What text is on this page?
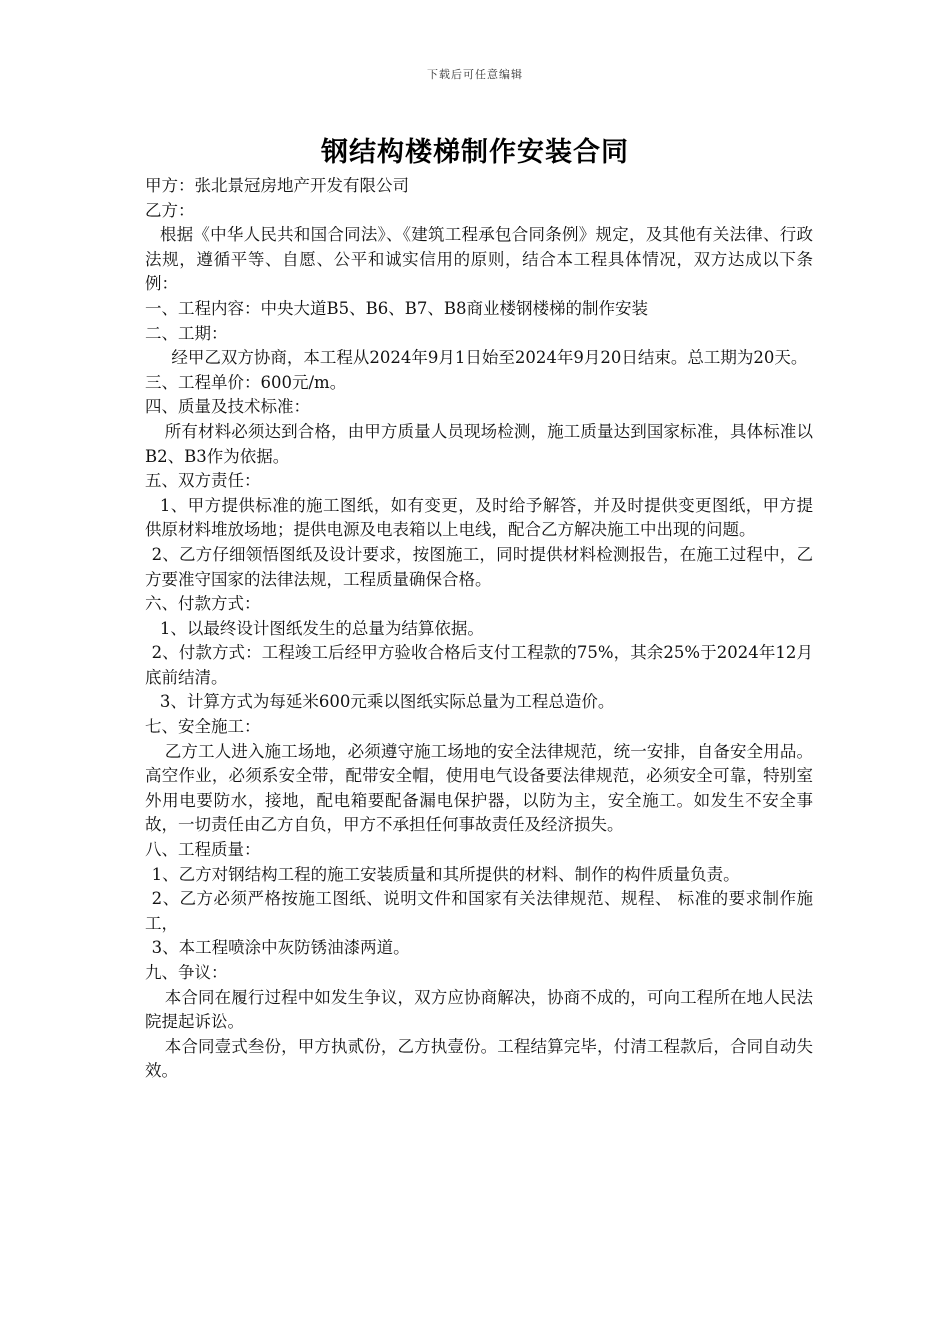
下载后可任意编辑
钢结构楼梯制作安装合同

甲方：张北景冠房地产开发有限公司

乙方：

根据《中华人民共和国合同法》、《建筑工程承包合同条例》规定，及其他有关法律、行政法规，遵循平等、自愿、公平和诚实信用的原则，结合本工程具体情况，双方达成以下条例：

一、工程内容：中央大道B5、B6、B7、B8商业楼钢楼梯的制作安装

二、工期：

经甲乙双方协商，本工程从2024年9月1日始至2024年9月20日结束。总工期为20天。

三、工程单价：600元/m。

四、质量及技术标准：

所有材料必须达到合格，由甲方质量人员现场检测，施工质量达到国家标准，具体标准以B2、B3作为依据。

五、双方责任：

1、甲方提供标准的施工图纸，如有变更，及时给予解答，并及时提供变更图纸，甲方提供原材料堆放场地；提供电源及电表箱以上电线，配合乙方解决施工中出现的问题。

2、乙方仔细领悟图纸及设计要求，按图施工，同时提供材料检测报告，在施工过程中，乙方要准守国家的法律法规，工程质量确保合格。

六、付款方式：

1、以最终设计图纸发生的总量为结算依据。

2、付款方式：工程竣工后经甲方验收合格后支付工程款的75%，其余25%于2024年12月底前结清。

3、计算方式为每延米600元乘以图纸实际总量为工程总造价。

七、安全施工：

乙方工人进入施工场地，必须遵守施工场地的安全法律规范，统一安排，自备安全用品。高空作业，必须系安全带，配带安全帽，使用电气设备要法律规范，必须安全可靠，特别室外用电要防水，接地，配电箱要配备漏电保护器，以防为主，安全施工。如发生不安全事故，一切责任由乙方自负，甲方不承担任何事故责任及经济损失。

八、工程质量：

1、乙方对钢结构工程的施工安装质量和其所提供的材料、制作的构件质量负责。

2、乙方必须严格按施工图纸、说明文件和国家有关法律规范、规程、 标准的要求制作施工，

3、本工程喷涂中灰防锈油漆两道。

九、争议：

本合同在履行过程中如发生争议，双方应协商解决，协商不成的，可向工程所在地人民法院提起诉讼。

本合同壹式叁份，甲方执贰份，乙方执壹份。工程结算完毕，付清工程款后，合同自动失效。
